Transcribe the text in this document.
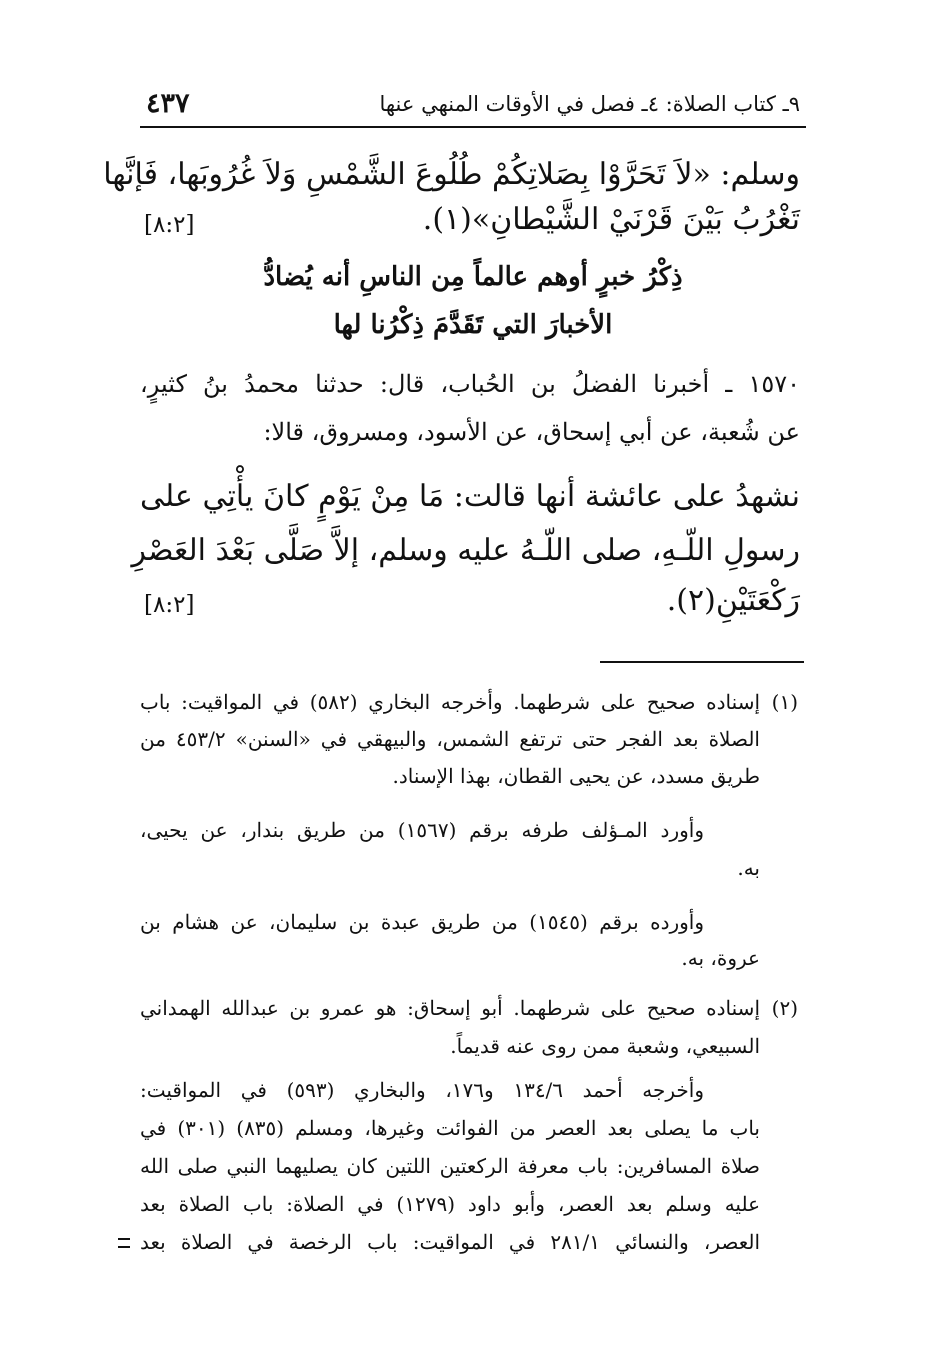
٩ـ كتاب الصلاة: ٤ـ فصل في الأوقات المنهي عنها
٤٣٧
وسلم: «لاَ تَحَرَّوْا بِصَلاتِكُمْ طُلُوعَ الشَّمْسِ وَلاَ غُرُوبَها، فَإنَّها
تَغْرُبُ بَيْنَ قَرْنَيْ الشَّيْطانِ»(١).
[٨:٢]
ذِكْرُ خبرٍ أوهم عالماً مِن الناسِ أنه يُضادُّ
الأخبارَ التي تَقَدَّمَ ذِكْرُنا لها
١٥٧٠ ـ أخبرنا الفضلُ بن الحُباب، قال: حدثنا محمدُ بنُ كثيرٍ،
عن شُعبة، عن أبي إسحاق، عن الأسود، ومسروق، قالا:
نشهدُ على عائشة أنها قالت: مَا مِنْ يَوْمٍ كانَ يأْتِي على
رسولِ اللّـهِ، صلى اللّـهُ عليه وسلم، إلاَّ صَلَّى بَعْدَ العَصْرِ
رَكْعَتَيْنِ(٢).
[٨:٢]
(١)
إسناده صحيح على شرطهما. وأخرجه البخاري (٥٨٢) في المواقيت: باب
الصلاة بعد الفجر حتى ترتفع الشمس، والبيهقي في «السنن» ٤٥٣/٢ من
طريق مسدد، عن يحيى القطان، بهذا الإسناد.
وأورد المـؤلف طرفه برقم (١٥٦٧) من طريق بندار، عن يحيى،
به.
وأورده برقم (١٥٤٥) من طريق عبدة بن سليمان، عن هشام بن
عروة، به.
(٢)
إسناده صحيح على شرطهما. أبو إسحاق: هو عمرو بن عبدالله الهمداني
السبيعي، وشعبة ممن روى عنه قديماً.
وأخرجه أحمد ١٣٤/٦ و١٧٦، والبخاري (٥٩٣) في المواقيت:
باب ما يصلى بعد العصر من الفوائت وغيرها، ومسلم (٨٣٥) (٣٠١) في
صلاة المسافرين: باب معرفة الركعتين اللتين كان يصليهما النبي صلى الله
عليه وسلم بعد العصر، وأبو داود (١٢٧٩) في الصلاة: باب الصلاة بعد
العصر، والنسائي ٢٨١/١ في المواقيت: باب الرخصة في الصلاة بعد
